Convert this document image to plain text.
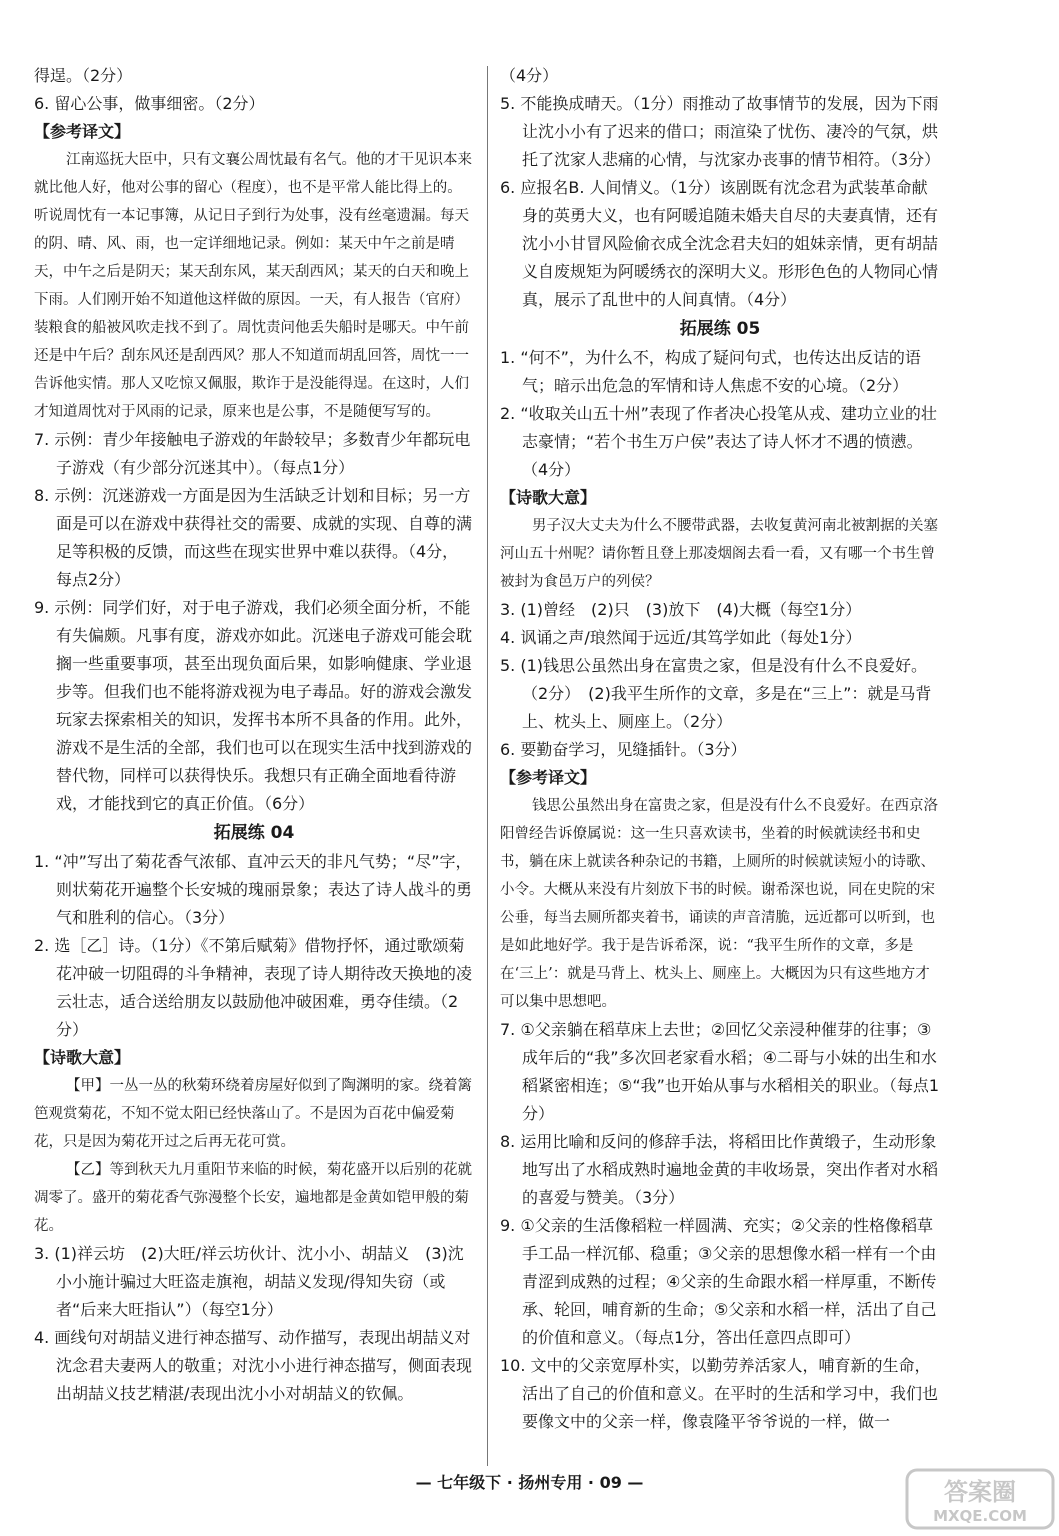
得逞。（2分）

6. 留心公事，做事细密。（2分）

【参考译文】

江南巡抚大臣中，只有文襄公周忱最有名气。他的才干见识本来就比他人好，他对公事的留心（程度），也不是平常人能比得上的。听说周忱有一本记事簿，从记日子到行为处事，没有丝毫遗漏。每天的阴、晴、风、雨，也一定详细地记录。例如：某天中午之前是晴天，中午之后是阴天；某天刮东风，某天刮西风；某天的白天和晚上下雨。人们刚开始不知道他这样做的原因。一天，有人报告（官府）装粮食的船被风吹走找不到了。周忱责问他丢失船时是哪天。中午前还是中午后？刮东风还是刮西风？那人不知道而胡乱回答，周忱一一告诉他实情。那人又吃惊又佩服，欺诈于是没能得逞。在这时，人们才知道周忱对于风雨的记录，原来也是公事，不是随便写写的。

7. 示例：青少年接触电子游戏的年龄较早；多数青少年都玩电子游戏（有少部分沉迷其中）。（每点1分）

8. 示例：沉迷游戏一方面是因为生活缺乏计划和目标；另一方面是可以在游戏中获得社交的需要、成就的实现、自尊的满足等积极的反馈，而这些在现实世界中难以获得。（4分，每点2分）

9. 示例：同学们好，对于电子游戏，我们必须全面分析，不能有失偏颇。凡事有度，游戏亦如此。沉迷电子游戏可能会耽搁一些重要事项，甚至出现负面后果，如影响健康、学业退步等。但我们也不能将游戏视为电子毒品。好的游戏会激发玩家去探索相关的知识，发挥书本所不具备的作用。此外，游戏不是生活的全部，我们也可以在现实生活中找到游戏的替代物，同样可以获得快乐。我想只有正确全面地看待游戏，才能找到它的真正价值。（6分）

拓展练 04

1. “冲”写出了菊花香气浓郁、直冲云天的非凡气势；“尽”字，则状菊花开遍整个长安城的瑰丽景象；表达了诗人战斗的勇气和胜利的信心。（3分）

2. 选［乙］诗。（1分）《不第后赋菊》借物抒怀，通过歌颂菊花冲破一切阻碍的斗争精神，表现了诗人期待改天换地的凌云壮志，适合送给朋友以鼓励他冲破困难，勇夺佳绩。（2分）

【诗歌大意】

【甲】一丛一丛的秋菊环绕着房屋好似到了陶渊明的家。绕着篱笆观赏菊花，不知不觉太阳已经快落山了。不是因为百花中偏爱菊花，只是因为菊花开过之后再无花可赏。

【乙】等到秋天九月重阳节来临的时候，菊花盛开以后别的花就凋零了。盛开的菊花香气弥漫整个长安，遍地都是金黄如铠甲般的菊花。

3. (1)祥云坊　(2)大旺/祥云坊伙计、沈小小、胡喆义　(3)沈小小施计骗过大旺盗走旗袍，胡喆义发现/得知失窃（或者“后来大旺指认”）（每空1分）

4. 画线句对胡喆义进行神态描写、动作描写，表现出胡喆义对沈念君夫妻两人的敬重；对沈小小进行神态描写，侧面表现出胡喆义技艺精湛/表现出沈小小对胡喆义的钦佩。

（4分）

5. 不能换成晴天。（1分）雨推动了故事情节的发展，因为下雨让沈小小有了迟来的借口；雨渲染了忧伤、凄冷的气氛，烘托了沈家人悲痛的心情，与沈家办丧事的情节相符。（3分）

6. 应报名B. 人间情义。（1分）该剧既有沈念君为武装革命献身的英勇大义，也有阿暖追随未婚夫自尽的夫妻真情，还有沈小小甘冒风险偷衣成全沈念君夫妇的姐妹亲情，更有胡喆义自废规矩为阿暖绣衣的深明大义。形形色色的人物同心情真，展示了乱世中的人间真情。（4分）

拓展练 05

1. “何不”，为什么不，构成了疑问句式，也传达出反诘的语气；暗示出危急的军情和诗人焦虑不安的心境。（2分）

2. “收取关山五十州”表现了作者决心投笔从戎、建功立业的壮志豪情；“若个书生万户侯”表达了诗人怀才不遇的愤懑。（4分）

【诗歌大意】

男子汉大丈夫为什么不腰带武器，去收复黄河南北被割据的关塞河山五十州呢？请你暂且登上那凌烟阁去看一看，又有哪一个书生曾被封为食邑万户的列侯？

3. (1)曾经　(2)只　(3)放下　(4)大概（每空1分）

4. 讽诵之声/琅然闻于远近/其笃学如此（每处1分）

5. (1)钱思公虽然出身在富贵之家，但是没有什么不良爱好。（2分）　(2)我平生所作的文章，多是在“三上”：就是马背上、枕头上、厕座上。（2分）

6. 要勤奋学习，见缝插针。（3分）

【参考译文】

钱思公虽然出身在富贵之家，但是没有什么不良爱好。在西京洛阳曾经告诉僚属说：这一生只喜欢读书，坐着的时候就读经书和史书，躺在床上就读各种杂记的书籍，上厕所的时候就读短小的诗歌、小令。大概从来没有片刻放下书的时候。谢希深也说，同在史院的宋公垂，每当去厕所都夹着书，诵读的声音清脆，远近都可以听到，也是如此地好学。我于是告诉希深，说：“我平生所作的文章，多是在‘三上’：就是马背上、枕头上、厕座上。大概因为只有这些地方才可以集中思想吧。

7. ①父亲躺在稻草床上去世；②回忆父亲浸种催芽的往事；③成年后的“我”多次回老家看水稻；④二哥与小妹的出生和水稻紧密相连；⑤“我”也开始从事与水稻相关的职业。（每点1分）

8. 运用比喻和反问的修辞手法，将稻田比作黄缎子，生动形象地写出了水稻成熟时遍地金黄的丰收场景，突出作者对水稻的喜爱与赞美。（3分）

9. ①父亲的生活像稻粒一样圆满、充实；②父亲的性格像稻草手工品一样沉郁、稳重；③父亲的思想像水稻一样有一个由青涩到成熟的过程；④父亲的生命跟水稻一样厚重，不断传承、轮回，哺育新的生命；⑤父亲和水稻一样，活出了自己的价值和意义。（每点1分，答出任意四点即可）

10. 文中的父亲宽厚朴实，以勤劳养活家人，哺育新的生命，活出了自己的价值和意义。在平时的生活和学习中，我们也要像文中的父亲一样，像袁隆平爷爷说的一样，做一

— 七年级下 · 扬州专用 · 09 —	答案圈
MXQE.COM
